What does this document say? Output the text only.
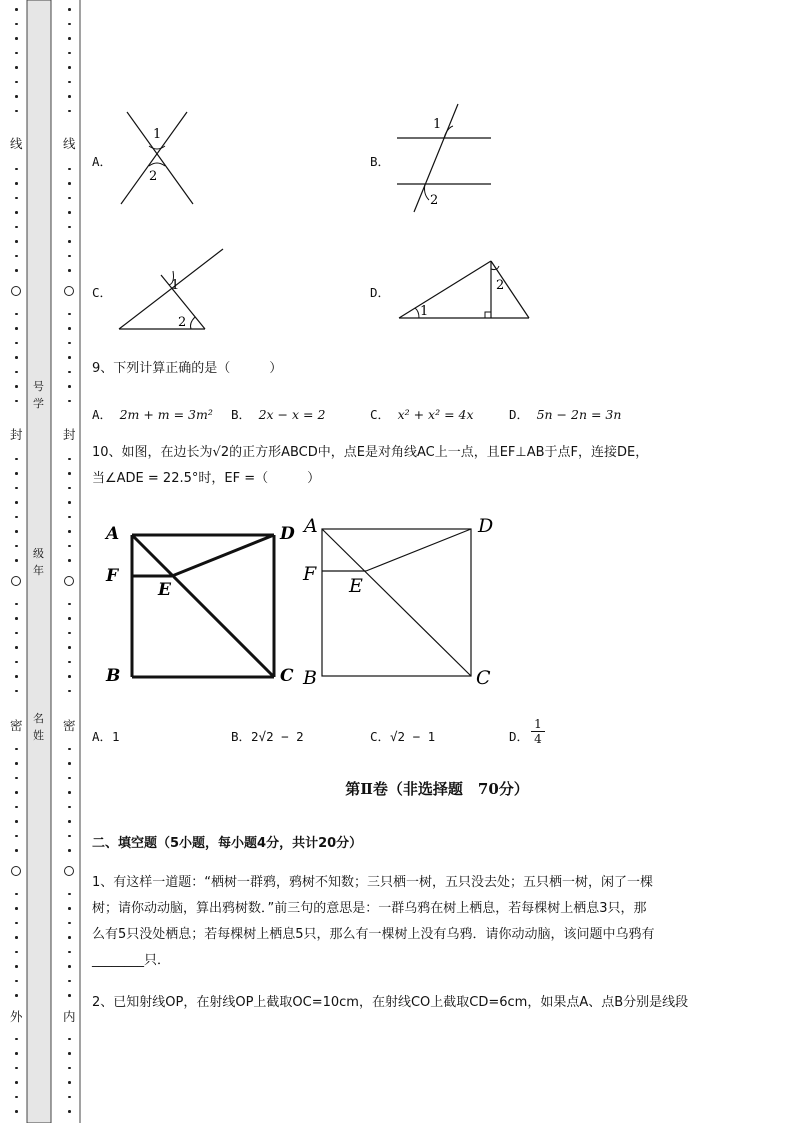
线
封
密
外
线
封
密
内
号学
级年
名姓
A．
1
2
B．
1
2
C．	1
2
D．
1
2
9、下列计算正确的是（　　　）
A． 2m + m = 3m² B． 2x − x = 2	C． x² + x² = 4x	D． 5n − 2n = 3n
10、如图，在边长为√2的正方形ABCD中，点E是对角线AC上一点，且EF⊥AB于点F，连接DE，
当∠ADE = 22.5°时，EF =（　　　）
A	D
F
E
B	C
A	D
F
E
B	C
A．1	B．2√2 − 2	C．√2 − 1	D． $\frac{1}{4}$
第Ⅱ卷（非选择题　70分）
二、填空题（5小题，每小题4分，共计20分）
1、有这样一道题：“栖树一群鸦，鸦树不知数；三只栖一树，五只没去处；五只栖一树，闲了一棵
树；请你动动脑，算出鸦树数．”前三句的意思是：一群乌鸦在树上栖息，若每棵树上栖息3只，那
么有5只没处栖息；若每棵树上栖息5只，那么有一棵树上没有乌鸦．请你动动脑，该问题中乌鸦有
________只．
2、已知射线OP，在射线OP上截取OC=10cm，在射线CO上截取CD=6cm，如果点A、点B分别是线段
